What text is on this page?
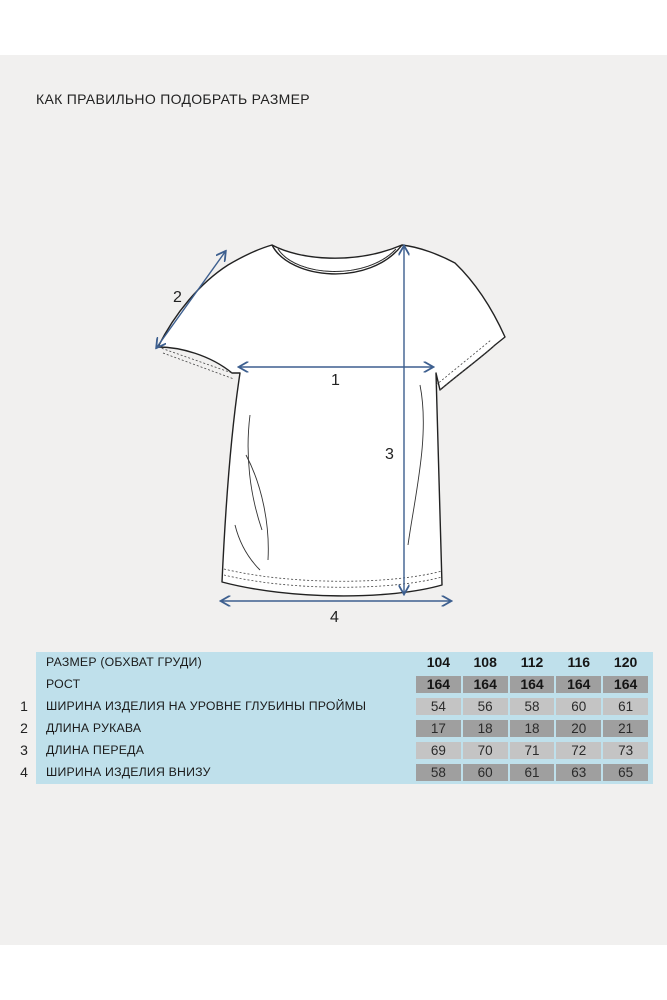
КАК ПРАВИЛЬНО ПОДОБРАТЬ РАЗМЕР
1
2
3
4
РАЗМЕР (ОБХВАТ ГРУДИ)	104	108	112	116	120
РОСТ	164	164	164	164	164
1	ШИРИНА ИЗДЕЛИЯ НА УРОВНЕ ГЛУБИНЫ ПРОЙМЫ	54	56	58	60	61
2	ДЛИНА РУКАВА	17	18	18	20	21
3	ДЛИНА ПЕРЕДА	69	70	71	72	73
4	ШИРИНА ИЗДЕЛИЯ ВНИЗУ	58	60	61	63	65
